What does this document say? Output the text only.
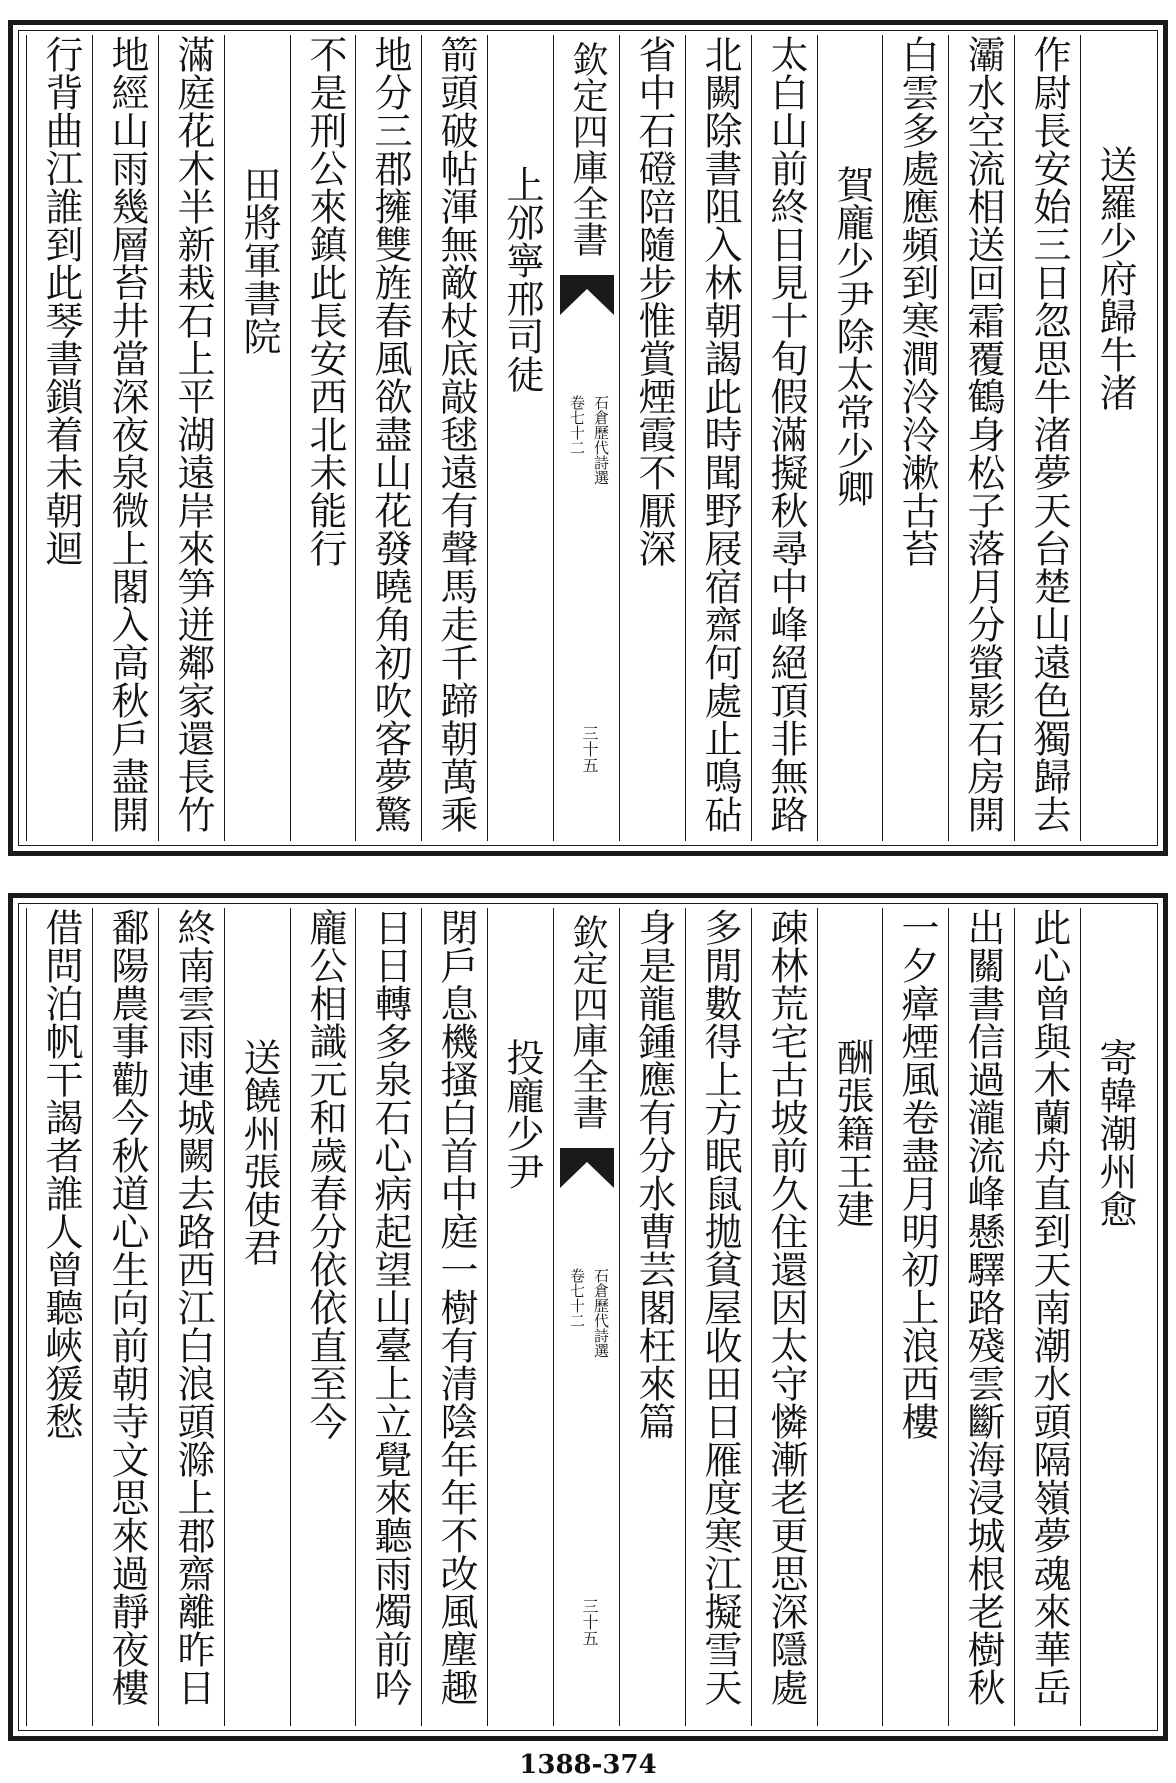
送羅少府歸牛渚
作尉長安始三日忽思牛渚夢天台楚山遠色獨歸去
灞水空流相送回霜覆鶴身松子落月分螢影石房開
白雲多處應頻到寒澗泠泠漱古苔
賀龐少尹除太常少卿
太白山前終日見十旬假滿擬秋尋中峰絕頂非無路
北闕除書阻入林朝謁此時聞野屐宿齋何處止鳴砧
省中石磴陪隨步惟賞煙霞不厭深
欽定四庫全書
石倉歷代詩選
卷七十二
三十五
上邠寧邢司徒
箭頭破帖渾無敵杖底敲毬遠有聲馬走千蹄朝萬乘
地分三郡擁雙旌春風欲盡山花發曉角初吹客夢驚
不是刑公來鎮此長安西北未能行
田將軍書院
滿庭花木半新栽石上平湖遠岸來笋迸鄰家還長竹
地經山雨幾層苔井當深夜泉微上閣入高秋戶盡開
行背曲江誰到此琴書鎖着未朝迴
寄韓潮州愈
此心曾與木蘭舟直到天南潮水頭隔嶺夢魂來華岳
出關書信過瀧流峰懸驛路殘雲斷海浸城根老樹秋
一夕瘴煙風卷盡月明初上浪西樓
酬張籍王建
疎林荒宅古坡前久住還因太守憐漸老更思深隱處
多閒數得上方眠鼠拋貧屋收田日雁度寒江擬雪天
身是龍鍾應有分水曹芸閣枉來篇
欽定四庫全書
石倉歷代詩選
卷七十二
三十五
投龐少尹
閉戶息機搔白首中庭一樹有清陰年年不改風塵趣
日日轉多泉石心病起望山臺上立覺來聽雨燭前吟
龐公相識元和歲春分依依直至今
送饒州張使君
終南雲雨連城闕去路西江白浪頭滁上郡齋離昨日
鄱陽農事勸今秋道心生向前朝寺文思來過靜夜樓
借問泊帆干謁者誰人曾聽峽猨愁
1388-374
